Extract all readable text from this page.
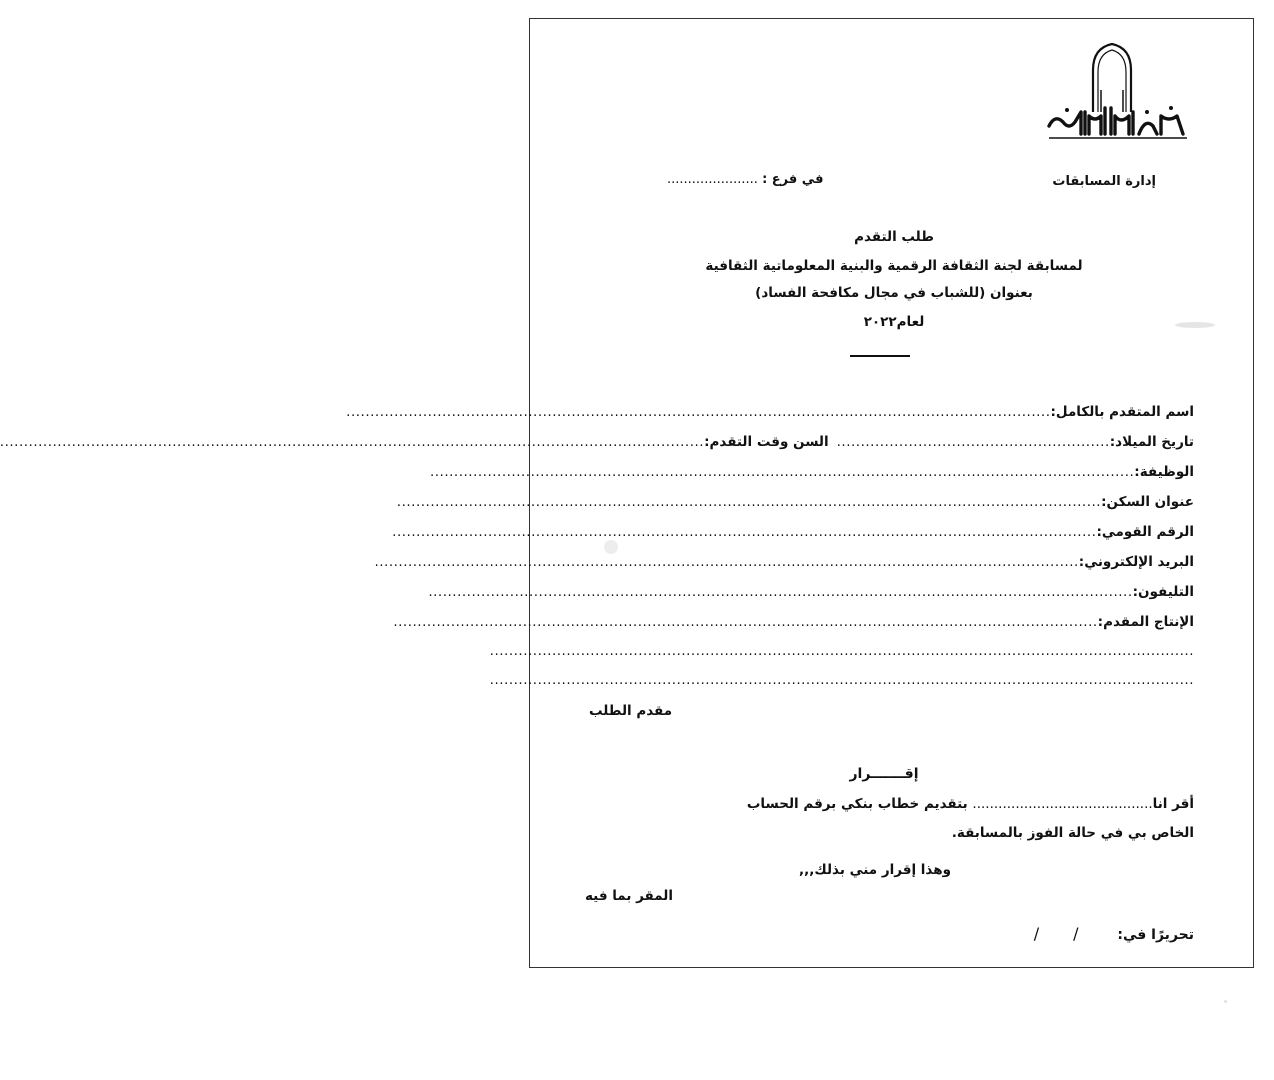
إدارة المسابقات
في فرع : ......................
طلب التقدم
لمسابقة لجنة الثقافة الرقمية والبنية المعلوماتية الثقافية
بعنوان (للشباب في مجال مكافحة الفساد)
لعام٢٠٢٢
اسم المتقدم بالكامل:
...................................................................................................................................................
تاريخ الميلاد:
.........................................................
السن وقت التقدم:
...................................................................................................................................................
الوظيفة:
...................................................................................................................................................
عنوان السكن:
...................................................................................................................................................
الرقم القومي:
...................................................................................................................................................
البريد الإلكتروني:
...................................................................................................................................................
التليفون:
...................................................................................................................................................
الإنتاج المقدم:
...................................................................................................................................................
...................................................................................................................................................
...................................................................................................................................................
مقدم الطلب
إقـــــــرار
أقر انا.......................................... بتقديم خطاب بنكي برقم الحساب
الخاص بي في حالة الفوز بالمسابقة.
وهذا إقرار مني بذلك,,,
المقر بما فيه
تحريرًا في: //
